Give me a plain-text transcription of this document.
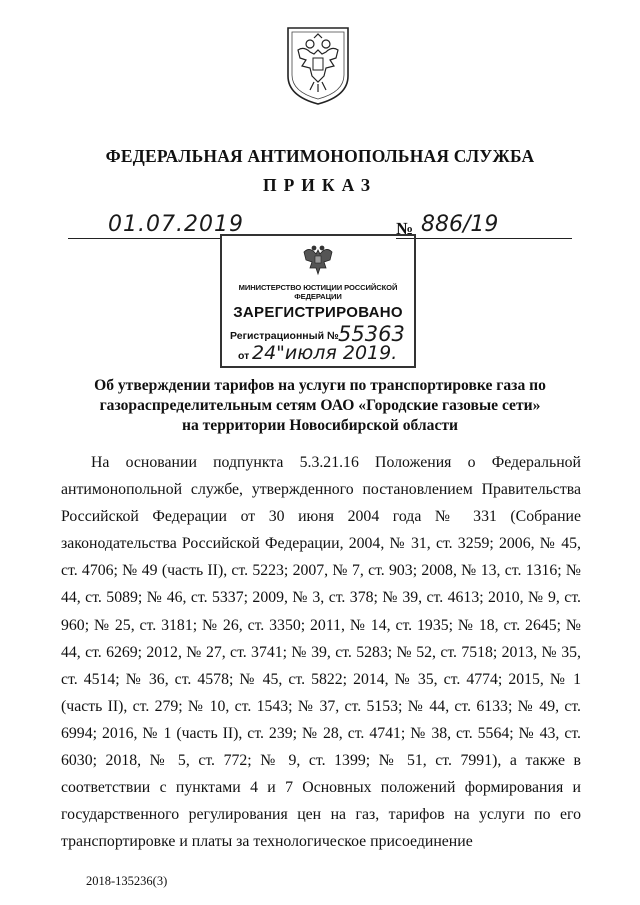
ФЕДЕРАЛЬНАЯ АНТИМОНОПОЛЬНАЯ СЛУЖБА
ПРИКАЗ
01.07.2019	№ 886/19
МИНИСТЕРСТВО ЮСТИЦИИ РОССИЙСКОЙ ФЕДЕРАЦИИ
ЗАРЕГИСТРИРОВАНО
Регистрационный № 55363
от 24"июля 2019.
Об утверждении тарифов на услуги по транспортировке газа по газораспределительным сетям ОАО «Городские газовые сети» на территории Новосибирской области

На основании подпункта 5.3.21.16 Положения о Федеральной антимонопольной службе, утвержденного постановлением Правительства Российской Федерации от 30 июня 2004 года № 331 (Собрание законодательства Российской Федерации, 2004, № 31, ст. 3259; 2006, № 45, ст. 4706; № 49 (часть II), ст. 5223; 2007, № 7, ст. 903; 2008, № 13, ст. 1316; № 44, ст. 5089; № 46, ст. 5337; 2009, № 3, ст. 378; № 39, ст. 4613; 2010, № 9, ст. 960; № 25, ст. 3181; № 26, ст. 3350; 2011, № 14, ст. 1935; № 18, ст. 2645; № 44, ст. 6269; 2012, № 27, ст. 3741; № 39, ст. 5283; № 52, ст. 7518; 2013, № 35, ст. 4514; № 36, ст. 4578; № 45, ст. 5822; 2014, № 35, ст. 4774; 2015, № 1 (часть II), ст. 279; № 10, ст. 1543; № 37, ст. 5153; № 44, ст. 6133; № 49, ст. 6994; 2016, № 1 (часть II), ст. 239; № 28, ст. 4741; № 38, ст. 5564; № 43, ст. 6030; 2018, № 5, ст. 772; № 9, ст. 1399; № 51, ст. 7991), а также в соответствии с пунктами 4 и 7 Основных положений формирования и государственного регулирования цен на газ, тарифов на услуги по его транспортировке и платы за технологическое присоединение

2018-135236(3)
